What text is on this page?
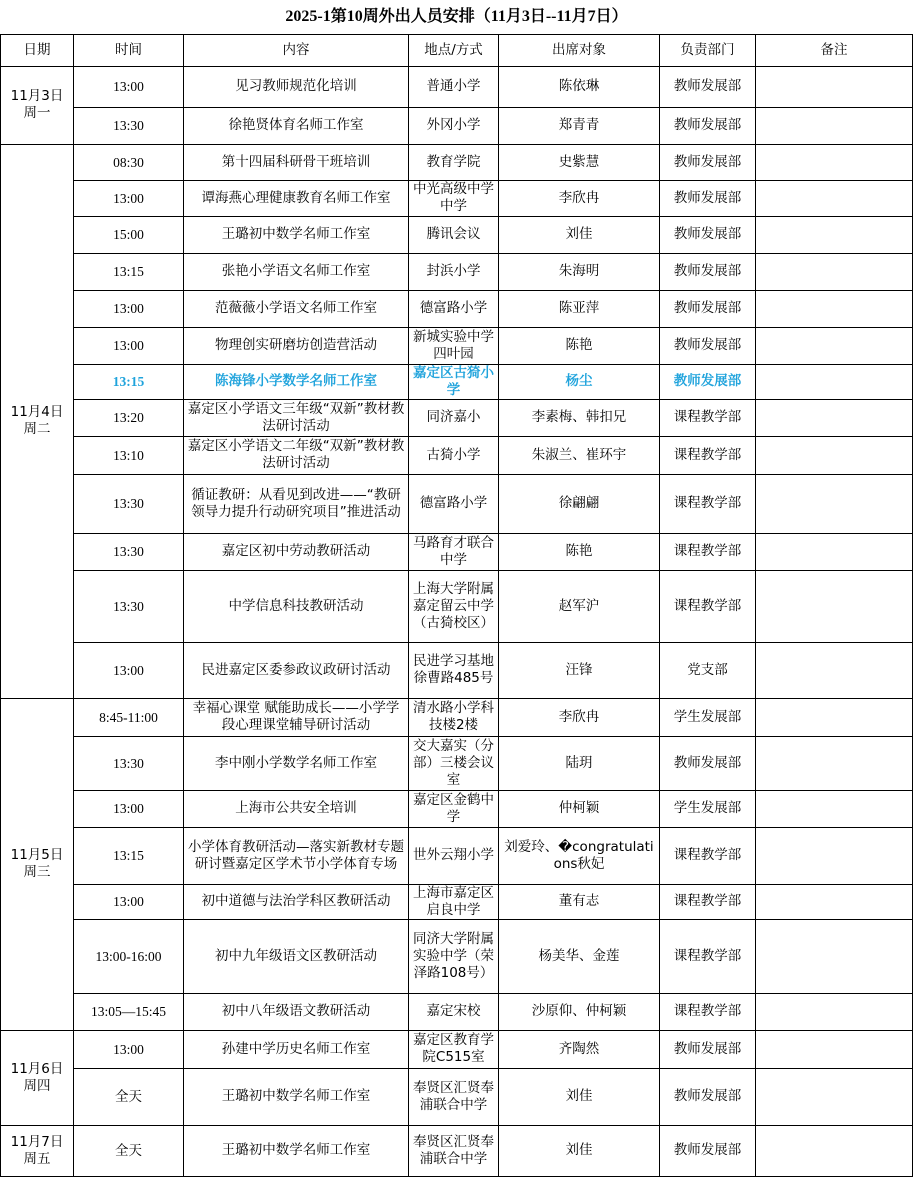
2025-1第10周外出人员安排（11月3日--11月7日）						
日期	时间	内容	地点/方式	出席对象	负责部门	备注

11月3日
周一	13:00	见习教师规范化培训	普通小学	陈依琳	教师发展部	
	13:30	徐艳贤体育名师工作室	外冈小学	郑青青	教师发展部	

11月4日
周二	08:30	第十四届科研骨干班培训	教育学院	史紫慧	教师发展部	
	13:00	谭海燕心理健康教育名师工作室	中光高级中学中学	李欣冉	教师发展部	
	15:00	王璐初中数学名师工作室	腾讯会议	刘佳	教师发展部	
	13:15	张艳小学语文名师工作室	封浜小学	朱海明	教师发展部	
	13:00	范薇薇小学语文名师工作室	德富路小学	陈亚萍	教师发展部	
	13:00	物理创实研磨坊创造营活动	新城实验中学四叶园	陈艳	教师发展部	
	13:15	陈海锋小学数学名师工作室	嘉定区古猗小学	杨尘	教师发展部	
	13:20	嘉定区小学语文三年级“双新”教材教法研讨活动	同济嘉小	李素梅、韩扣兄	课程教学部	
	13:10	嘉定区小学语文二年级“双新”教材教法研讨活动	古猗小学	朱淑兰、崔环宇	课程教学部	
	13:30	循证教研：从看见到改进——“教研领导力提升行动研究项目”推进活动	德富路小学	徐翩翩	课程教学部	
	13:30	嘉定区初中劳动教研活动	马路育才联合中学	陈艳	课程教学部	
	13:30	中学信息科技教研活动	上海大学附属嘉定留云中学（古猗校区）	赵军沪	课程教学部	
	13:00	民进嘉定区委参政议政研讨活动	民进学习基地徐曹路485号	汪锋	党支部	

11月5日
周三	8:45-11:00	幸福心课堂 赋能助成长——小学学段心理课堂辅导研讨活动	清水路小学科技楼2楼	李欣冉	学生发展部	
	13:30	李中刚小学数学名师工作室	交大嘉实（分部）三楼会议室	陆玥	教师发展部	
	13:00	上海市公共安全培训	嘉定区金鹤中学	仲柯颖	学生发展部	
	13:15	小学体育教研活动—落实新教材专题研讨暨嘉定区学术节小学体育专场	世外云翔小学	刘爱玲、�congratulations秋妃	课程教学部	
	13:00	初中道德与法治学科区教研活动	上海市嘉定区启良中学	董有志	课程教学部	
	13:00-16:00	初中九年级语文区教研活动	同济大学附属实验中学（荣泽路108号）	杨美华、金莲	课程教学部	
	13:05—15:45	初中八年级语文教研活动	嘉定宋校	沙原仰、仲柯颖	课程教学部	

11月6日
周四	13:00	孙建中学历史名师工作室	嘉定区教育学院C515室	齐陶然	教师发展部	
	全天	王璐初中数学名师工作室	奉贤区汇贤奉浦联合中学	刘佳	教师发展部	

11月7日
周五	全天	王璐初中数学名师工作室	奉贤区汇贤奉浦联合中学	刘佳	教师发展部	
